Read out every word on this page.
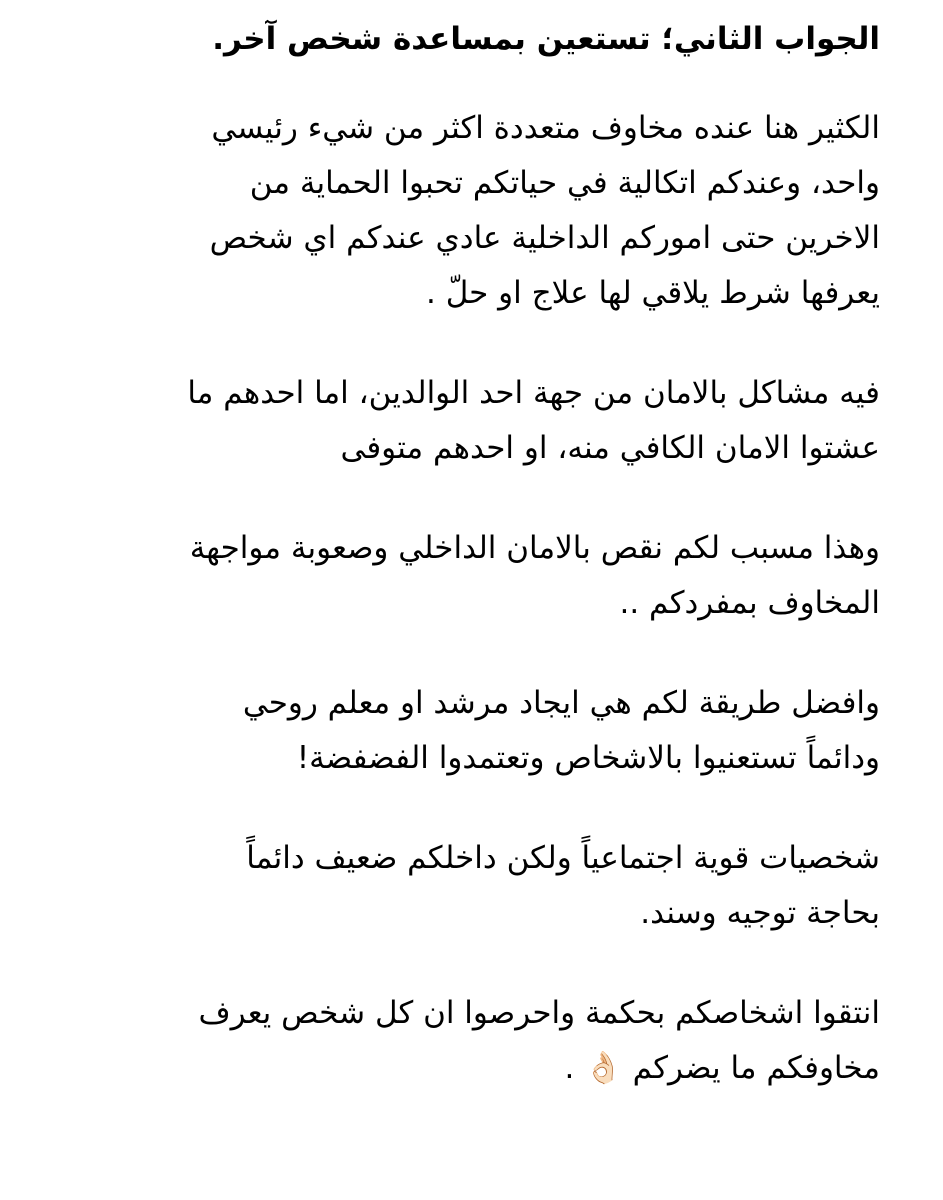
الجواب الثاني؛ تستعين بمساعدة شخص آخر.
الكثير هنا عنده مخاوف متعددة اكثر من شيء رئيسي
واحد، وعندكم اتكالية في حياتكم تحبوا الحماية من
الاخرين حتى اموركم الداخلية عادي عندكم اي شخص
يعرفها شرط يلاقي لها علاج او حلّ .
فيه مشاكل بالامان من جهة احد الوالدين، اما احدهم ما
عشتوا الامان الكافي منه، او احدهم متوفى
وهذا مسبب لكم نقص بالامان الداخلي وصعوبة مواجهة
المخاوف بمفردكم ..
وافضل طريقة لكم هي ايجاد مرشد او معلم روحي
ودائماً تستعنيوا بالاشخاص وتعتمدوا الفضفضة!
شخصيات قوية اجتماعياً ولكن داخلكم ضعيف دائماً
بحاجة توجيه وسند.
انتقوا اشخاصكم بحكمة واحرصوا ان كل شخص يعرف
مخاوفكم ما يضركم 👌🏻 .
